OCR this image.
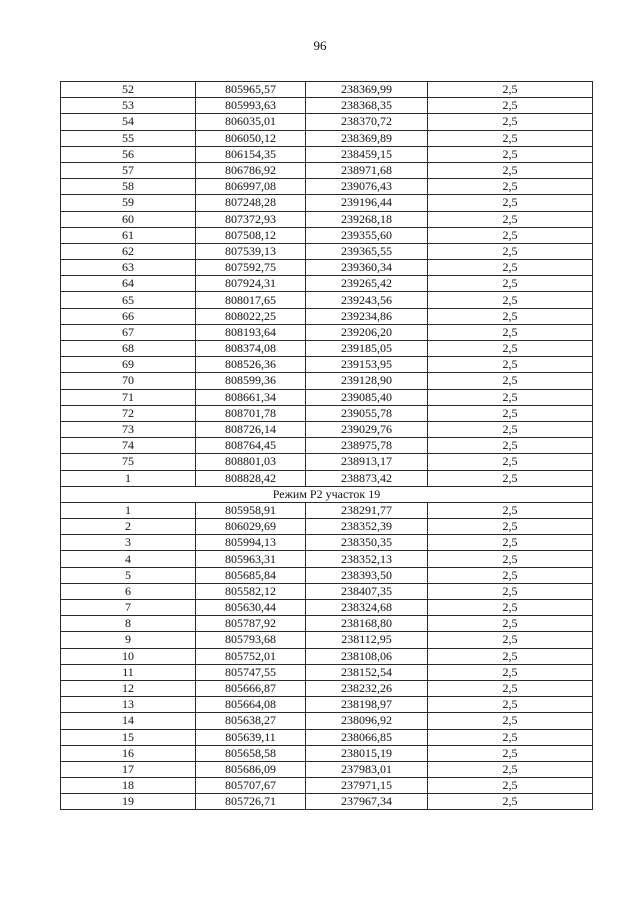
96
52	805965,57	238369,99	2,5
53	805993,63	238368,35	2,5
54	806035,01	238370,72	2,5
55	806050,12	238369,89	2,5
56	806154,35	238459,15	2,5
57	806786,92	238971,68	2,5
58	806997,08	239076,43	2,5
59	807248,28	239196,44	2,5
60	807372,93	239268,18	2,5
61	807508,12	239355,60	2,5
62	807539,13	239365,55	2,5
63	807592,75	239360,34	2,5
64	807924,31	239265,42	2,5
65	808017,65	239243,56	2,5
66	808022,25	239234,86	2,5
67	808193,64	239206,20	2,5
68	808374,08	239185,05	2,5
69	808526,36	239153,95	2,5
70	808599,36	239128,90	2,5
71	808661,34	239085,40	2,5
72	808701,78	239055,78	2,5
73	808726,14	239029,76	2,5
74	808764,45	238975,78	2,5
75	808801,03	238913,17	2,5
1	808828,42	238873,42	2,5
Режим Р2 участок 19			
1	805958,91	238291,77	2,5
2	806029,69	238352,39	2,5
3	805994,13	238350,35	2,5
4	805963,31	238352,13	2,5
5	805685,84	238393,50	2,5
6	805582,12	238407,35	2,5
7	805630,44	238324,68	2,5
8	805787,92	238168,80	2,5
9	805793,68	238112,95	2,5
10	805752,01	238108,06	2,5
11	805747,55	238152,54	2,5
12	805666,87	238232,26	2,5
13	805664,08	238198,97	2,5
14	805638,27	238096,92	2,5
15	805639,11	238066,85	2,5
16	805658,58	238015,19	2,5
17	805686,09	237983,01	2,5
18	805707,67	237971,15	2,5
19	805726,71	237967,34	2,5
